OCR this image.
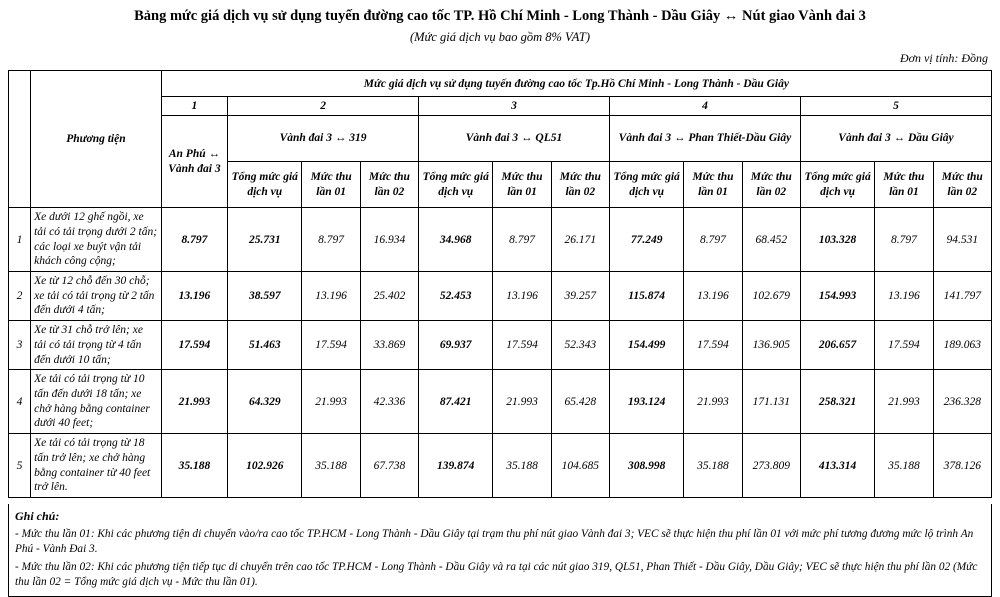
Bảng mức giá dịch vụ sử dụng tuyến đường cao tốc TP. Hồ Chí Minh - Long Thành - Dầu Giây ↔ Nút giao Vành đai 3
(Mức giá dịch vụ bao gồm 8% VAT)
Đơn vị tính: Đồng
	Phương tiện	Mức giá dịch vụ sử dụng tuyến đường cao tốc Tp.Hồ Chí Minh - Long Thành - Dầu Giây												
		1	2			3			4			5		
		An Phú ↔ Vành đai 3	Vành đai 3 ↔ 319			Vành đai 3 ↔ QL51			Vành đai 3 ↔ Phan Thiết-Dầu Giây			Vành đai 3 ↔ Dầu Giây		
			Tổng mức giá dịch vụ	Mức thu lần 01	Mức thu lần 02	Tổng mức giá dịch vụ	Mức thu lần 01	Mức thu lần 02	Tổng mức giá dịch vụ	Mức thu lần 01	Mức thu lần 02	Tổng mức giá dịch vụ	Mức thu lần 01	Mức thu lần 02
1	Xe dưới 12 ghế ngồi, xe tải có tải trọng dưới 2 tấn; các loại xe buýt vận tải khách công cộng;	8.797	25.731	8.797	16.934	34.968	8.797	26.171	77.249	8.797	68.452	103.328	8.797	94.531
2	Xe từ 12 chỗ đến 30 chỗ; xe tải có tải trọng từ 2 tấn đến dưới 4 tấn;	13.196	38.597	13.196	25.402	52.453	13.196	39.257	115.874	13.196	102.679	154.993	13.196	141.797
3	Xe từ 31 chỗ trở lên; xe tải có tải trọng từ 4 tấn đến dưới 10 tấn;	17.594	51.463	17.594	33.869	69.937	17.594	52.343	154.499	17.594	136.905	206.657	17.594	189.063
4	Xe tải có tải trọng từ 10 tấn đến dưới 18 tấn; xe chở hàng bằng container dưới 40 feet;	21.993	64.329	21.993	42.336	87.421	21.993	65.428	193.124	21.993	171.131	258.321	21.993	236.328
5	Xe tải có tải trọng từ 18 tấn trở lên; xe chở hàng bằng container từ 40 feet trở lên.	35.188	102.926	35.188	67.738	139.874	35.188	104.685	308.998	35.188	273.809	413.314	35.188	378.126
Ghi chú:

- Mức thu lần 01: Khi các phương tiện di chuyển vào/ra cao tốc TP.HCM - Long Thành - Dầu Giây tại trạm thu phí nút giao Vành đai 3; VEC sẽ thực hiện thu phí lần 01 với mức phí tương đương mức lộ trình An Phú - Vành Đai 3.

- Mức thu lần 02: Khi các phương tiện tiếp tục di chuyển trên cao tốc TP.HCM - Long Thành - Dầu Giây và ra tại các nút giao 319, QL51, Phan Thiết - Dầu Giây, Dầu Giây; VEC sẽ thực hiện thu phí lần 02 (Mức thu lần 02 = Tổng mức giá dịch vụ - Mức thu lần 01).
